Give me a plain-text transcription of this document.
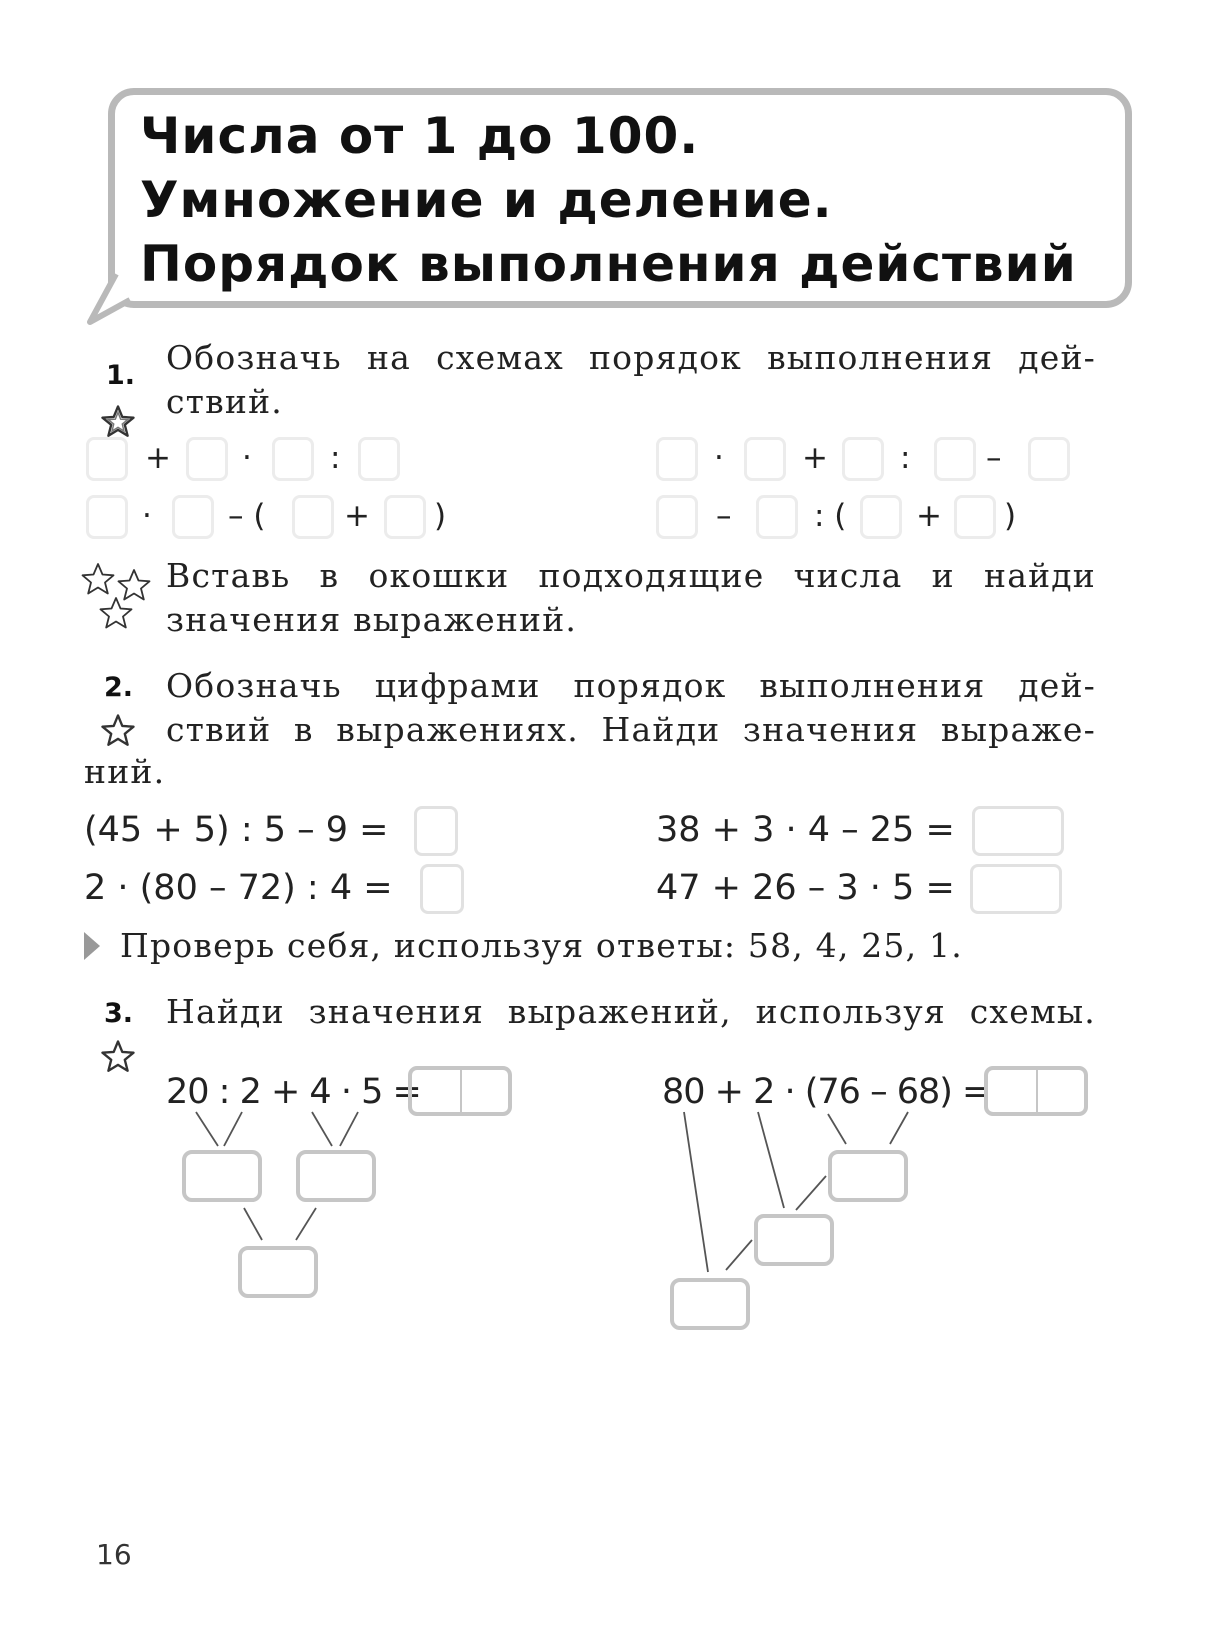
Числа от 1 до 100.
Умножение и деление.
Порядок выполнения действий
1. Обозначь на схемах порядок выполнения дей-
ствий.
+ ·	:	·	+ : –
· – (	+ )	–	: ( + )
Вставь в окошки подходящие числа и найди
значения выражений.
2. Обозначь цифрами порядок выполнения дей-
ствий в выражениях. Найди значения выраже-
ний.
(45 + 5) : 5 – 9 =	38 + 3 · 4 – 25 =
2 · (80 – 72) : 4 =	47 + 26 – 3 · 5 =
Проверь себя, используя ответы: 58, 4, 25, 1.
3. Найди значения выражений, используя схемы.
20 : 2 + 4 · 5 =	80 + 2 · (76 – 68) =
16
